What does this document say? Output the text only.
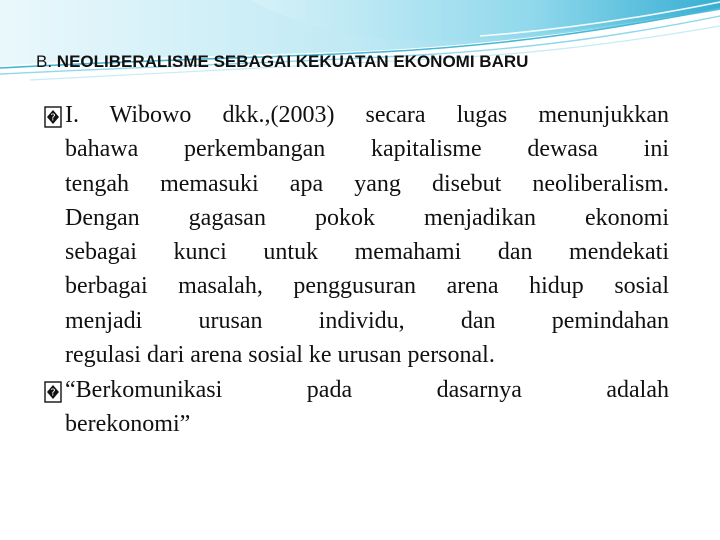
B. NEOLIBERALISME SEBAGAI KEKUATAN EKONOMI BARU
? I. Wibowo dkk.,(2003) secara lugas menunjukkan
bahawa perkembangan kapitalisme dewasa ini
tengah memasuki apa yang disebut neoliberalism.
Dengan gagasan pokok menjadikan ekonomi
sebagai kunci untuk memahami dan mendekati
berbagai masalah, penggusuran arena hidup sosial
menjadi urusan individu, dan pemindahan
regulasi dari arena sosial ke urusan personal.
? “Berkomunikasi pada dasarnya adalah
berekonomi”
